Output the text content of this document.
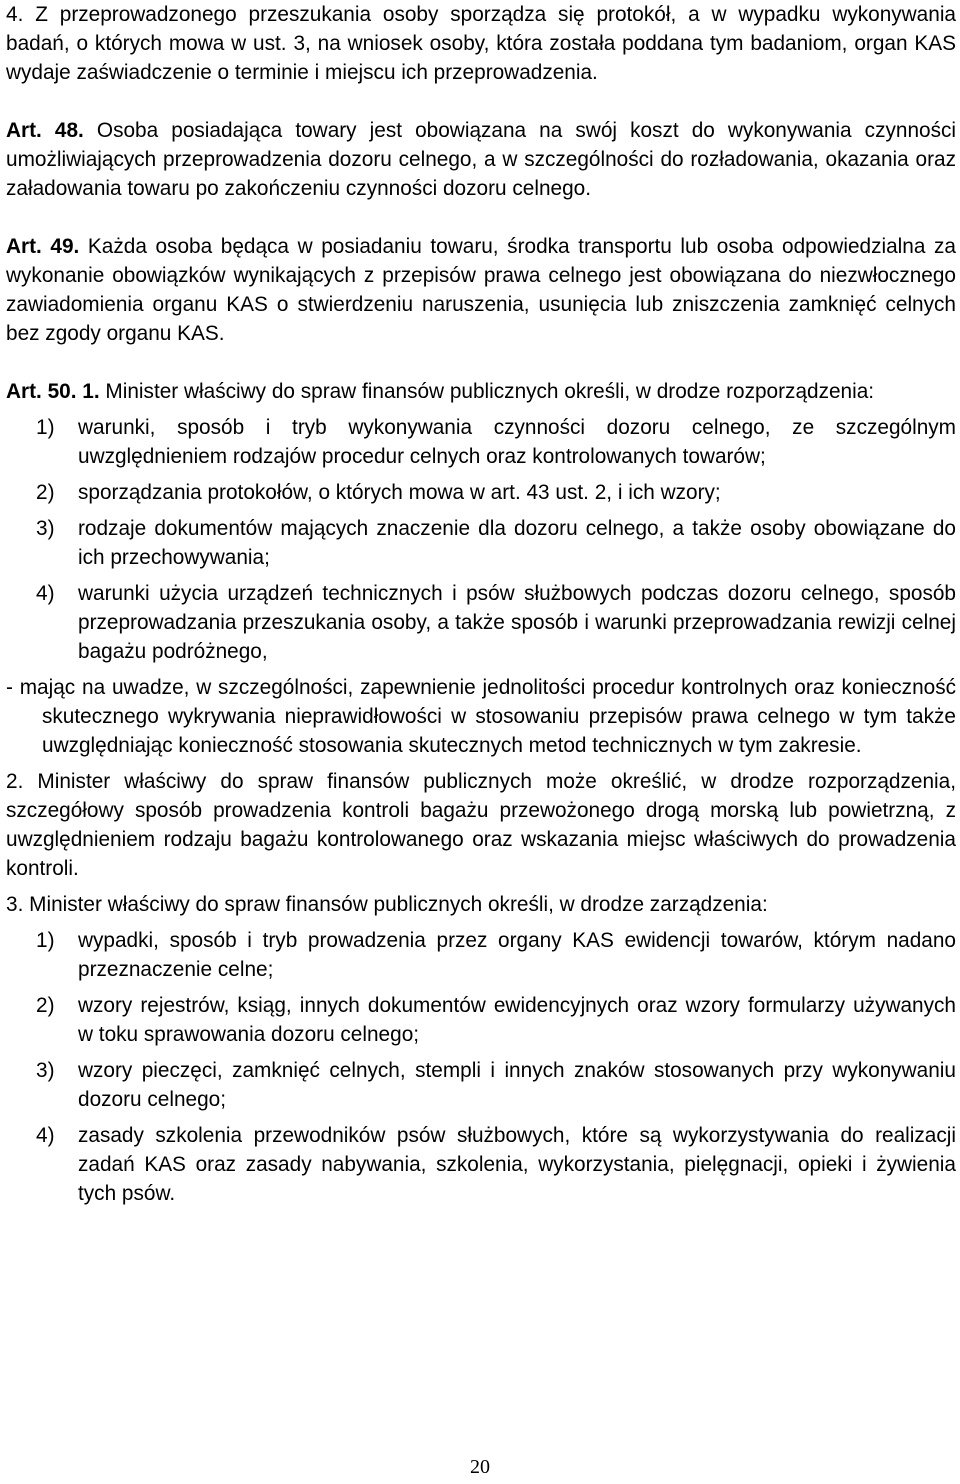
4. Z przeprowadzonego przeszukania osoby sporządza się protokół, a w wypadku wykonywania badań, o których mowa w ust. 3, na wniosek osoby, która została poddana tym badaniom, organ KAS wydaje zaświadczenie o terminie i miejscu ich przeprowadzenia.

Art. 48. Osoba posiadająca towary jest obowiązana na swój koszt do wykonywania czynności umożliwiających przeprowadzenia dozoru celnego, a w szczególności do rozładowania, okazania oraz załadowania towaru po zakończeniu czynności dozoru celnego.

Art. 49. Każda osoba będąca w posiadaniu towaru, środka transportu lub osoba odpowiedzialna za wykonanie obowiązków wynikających z przepisów prawa celnego jest obowiązana do niezwłocznego zawiadomienia organu KAS o stwierdzeniu naruszenia, usunięcia lub zniszczenia zamknięć celnych bez zgody organu KAS.

Art. 50. 1. Minister właściwy do spraw finansów publicznych określi, w drodze rozporządzenia:

1)	warunki, sposób i tryb wykonywania czynności dozoru celnego, ze szczególnym uwzględnieniem rodzajów procedur celnych oraz kontrolowanych towarów;
2)	sporządzania protokołów, o których mowa w art. 43 ust. 2, i ich wzory;
3)	rodzaje dokumentów mających znaczenie dla dozoru celnego, a także osoby obowiązane do ich przechowywania;
4)	warunki użycia urządzeń technicznych i psów służbowych podczas dozoru celnego, sposób przeprowadzania przeszukania osoby, a także sposób i warunki przeprowadzania rewizji celnej bagażu podróżnego,

- mając na uwadze, w szczególności, zapewnienie jednolitości procedur kontrolnych oraz konieczność skutecznego wykrywania nieprawidłowości w stosowaniu przepisów prawa celnego w tym także uwzględniając konieczność stosowania skutecznych metod technicznych w tym zakresie.

2. Minister właściwy do spraw finansów publicznych może określić, w drodze rozporządzenia, szczegółowy sposób prowadzenia kontroli bagażu przewożonego drogą morską lub powietrzną, z uwzględnieniem rodzaju bagażu kontrolowanego oraz wskazania miejsc właściwych do prowadzenia kontroli.

3. Minister właściwy do spraw finansów publicznych określi, w drodze zarządzenia:

1)	wypadki, sposób i tryb prowadzenia przez organy KAS ewidencji towarów, którym nadano przeznaczenie celne;
2)	wzory rejestrów, ksiąg, innych dokumentów ewidencyjnych oraz wzory formularzy używanych w toku sprawowania dozoru celnego;
3)	wzory pieczęci, zamknięć celnych, stempli i innych znaków stosowanych przy wykonywaniu dozoru celnego;
4)	zasady szkolenia przewodników psów służbowych, które są wykorzystywania do realizacji zadań KAS oraz zasady nabywania, szkolenia, wykorzystania, pielęgnacji, opieki i żywienia tych psów.
20
